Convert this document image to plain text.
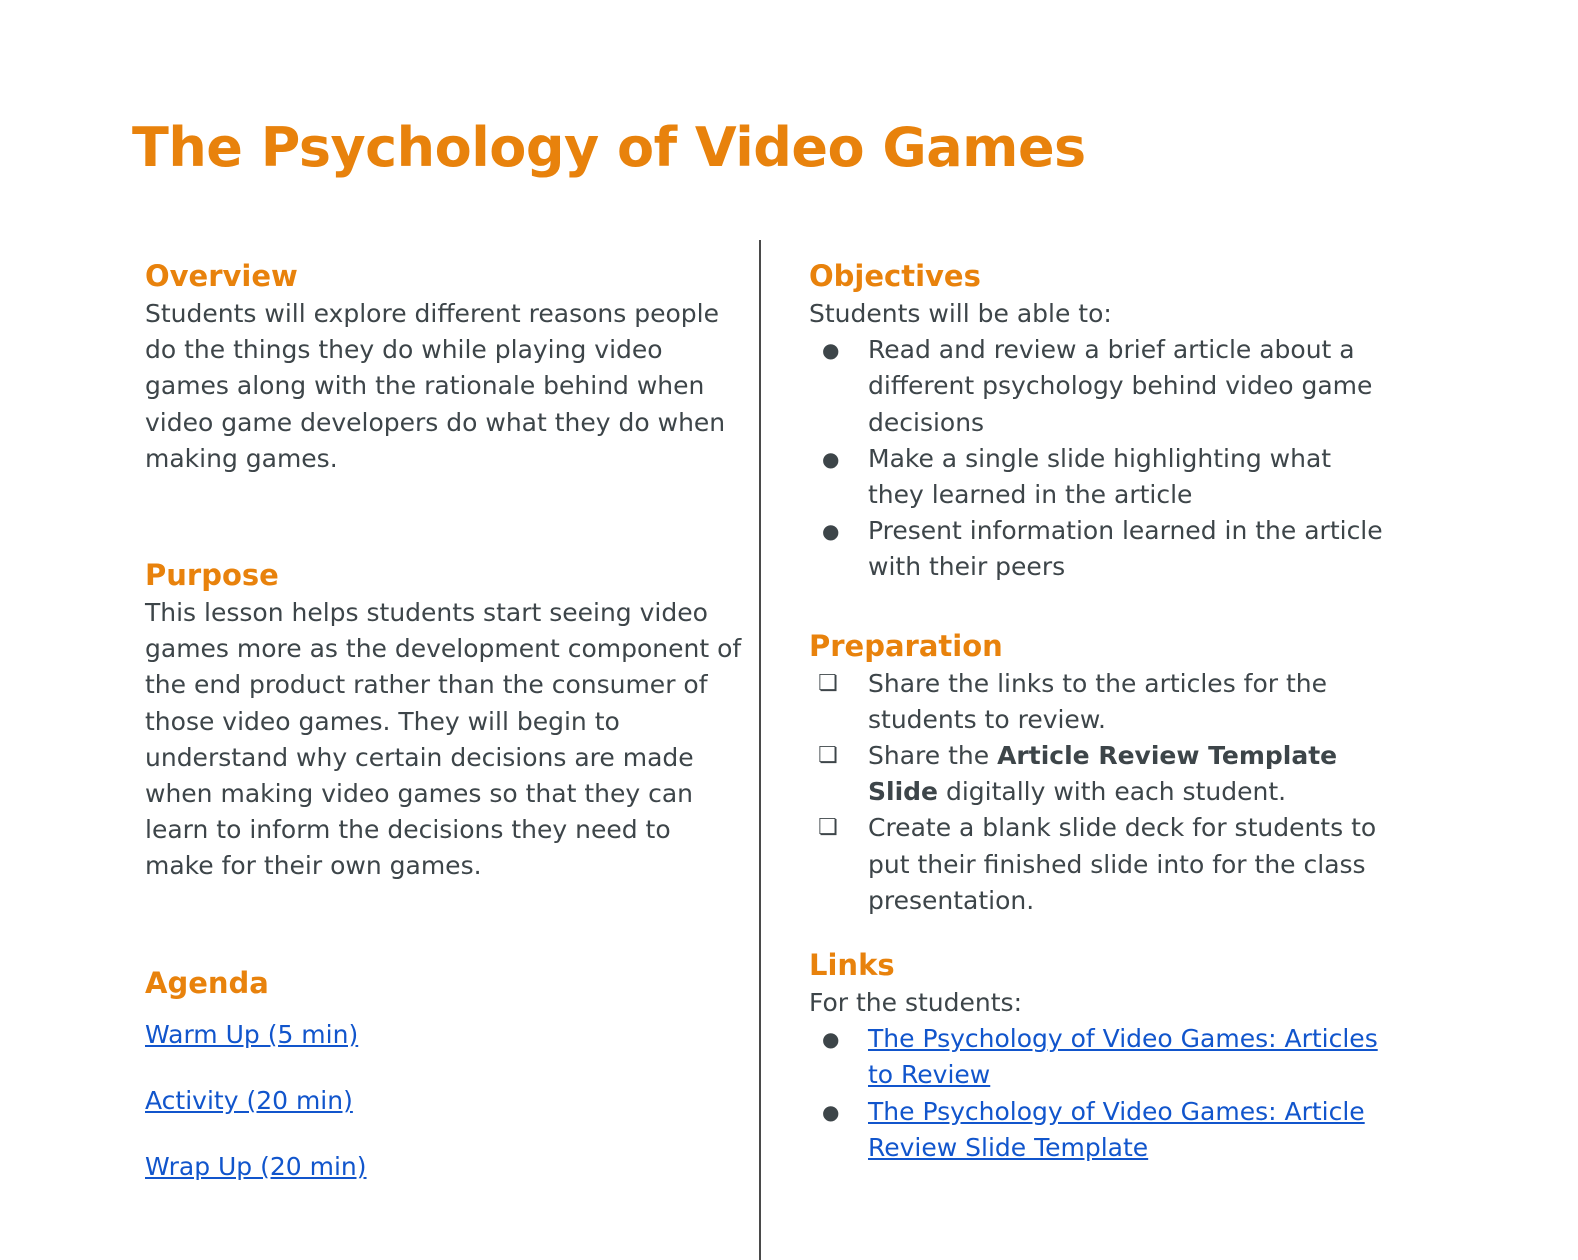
The Psychology of Video Games
Overview

Students will explore different reasons people do the things they do while playing video games along with the rationale behind when video game developers do what they do when making games.

Purpose

This lesson helps students start seeing video games more as the development component of the end product rather than the consumer of those video games. They will begin to understand why certain decisions are made when making video games so that they can learn to inform the decisions they need to make for their own games.

Agenda
Warm Up (5 min)
Activity (20 min)
Wrap Up (20 min)
Objectives

Students will be able to:

● Read and review a brief article about a different psychology behind video game decisions
● Make a single slide highlighting what they learned in the article
● Present information learned in the article with their peers
Preparation
❏ Share the links to the articles for the students to review.
❏ Share the Article Review Template Slide digitally with each student.
❏ Create a blank slide deck for students to put their finished slide into for the class presentation.
Links

For the students:

● The Psychology of Video Games: Articles to Review
● The Psychology of Video Games: Article Review Slide Template
